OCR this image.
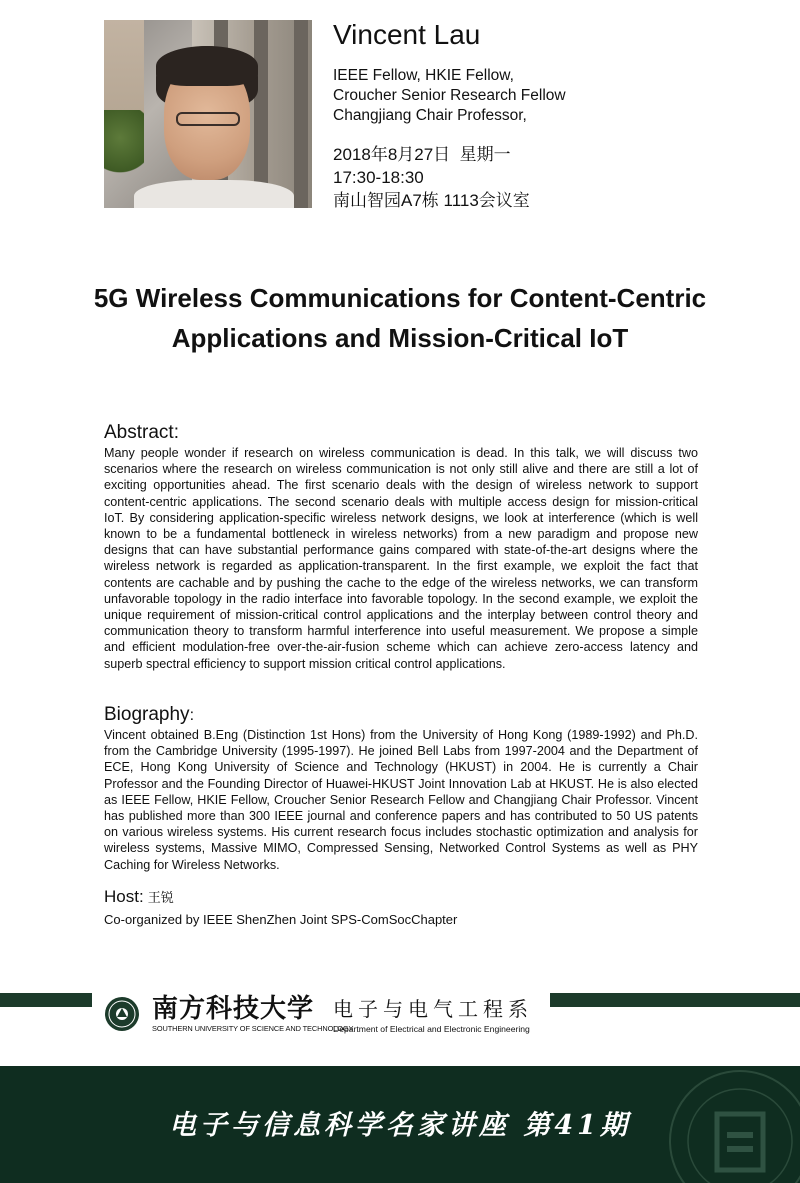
Vincent Lau
IEEE Fellow, HKIE Fellow,
Croucher Senior Research Fellow
Changjiang Chair Professor,
2018年8月27日  星期一
17:30-18:30
南山智园A7栋 1113会议室
5G Wireless Communications for Content-Centric
Applications and Mission-Critical IoT
Abstract:
Many people wonder if research on wireless communication is dead. In this talk, we will discuss two scenarios where the research on wireless communication is not only still alive and there are still a lot of exciting opportunities ahead. The first scenario deals with the design of wireless network to support content-centric applications. The second scenario deals with multiple access design for mission-critical IoT. By considering application-specific wireless network designs, we look at interference (which is well known to be a fundamental bottleneck in wireless networks) from a new paradigm and propose new designs that can have substantial performance gains compared with state-of-the-art designs where the wireless network is regarded as application-transparent. In the first example, we exploit the fact that contents are cachable and by pushing the cache to the edge of the wireless networks, we can transform unfavorable topology in the radio interface into favorable topology. In the second example, we exploit the unique requirement of mission-critical control applications and the interplay between control theory and communication theory to transform harmful interference into useful measurement. We propose a simple and efficient modulation-free over-the-air-fusion scheme which can achieve zero-access latency and superb spectral efficiency to support mission critical control applications.
Biography:
Vincent obtained B.Eng (Distinction 1st Hons) from the University of Hong Kong (1989-1992) and Ph.D. from the Cambridge University (1995-1997). He joined Bell Labs from 1997-2004 and the Department of ECE, Hong Kong University of Science and Technology (HKUST) in 2004. He is currently a Chair Professor and the Founding Director of Huawei-HKUST Joint Innovation Lab at HKUST. He is also elected as IEEE Fellow, HKIE Fellow, Croucher Senior Research Fellow and Changjiang Chair Professor. Vincent has published more than 300 IEEE journal and conference papers and has contributed to 50 US patents on various wireless systems. His current research focus includes stochastic optimization and analysis for wireless systems, Massive MIMO, Compressed Sensing, Networked Control Systems as well as PHY Caching for Wireless Networks.
Host: 王锐
Co-organized by IEEE ShenZhen Joint SPS-ComSocChapter
南方科技大学
SOUTHERN UNIVERSITY OF SCIENCE AND TECHNOLOGY
电子与电气工程系
Department of Electrical and Electronic Engineering
电子与信息科学名家讲座 第41期
